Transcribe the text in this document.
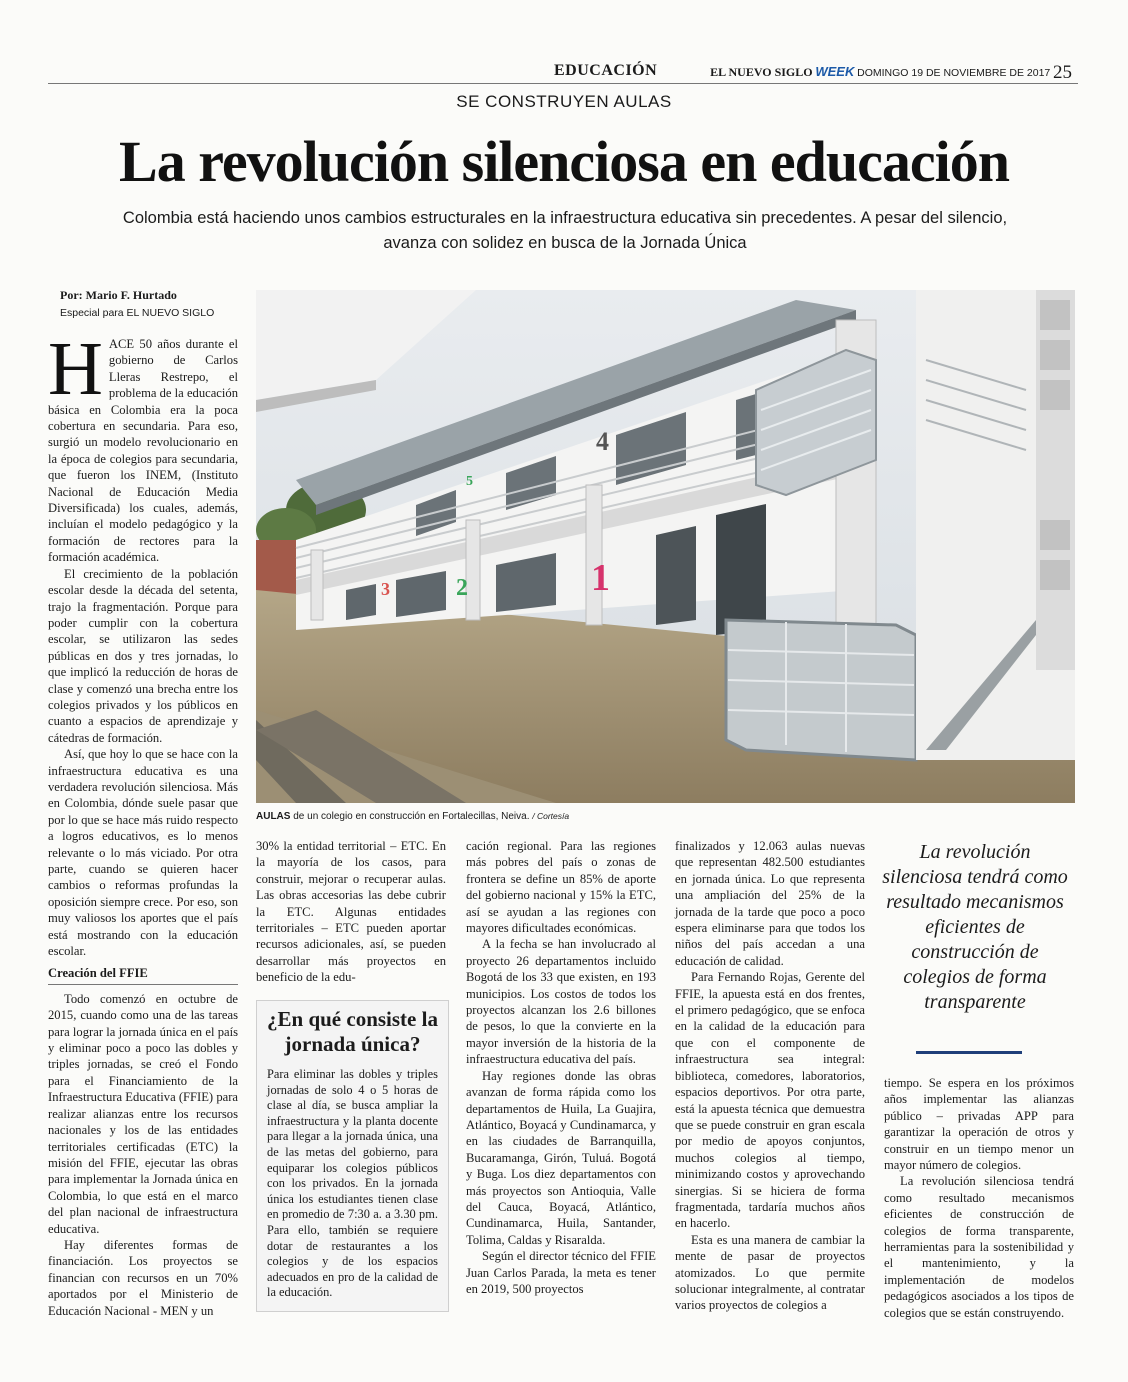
EDUCACIÓN	EL NUEVO SIGLO WEEK DOMINGO 19 DE NOVIEMBRE DE 2017 25
SE CONSTRUYEN AULAS
La revolución silenciosa en educación
Colombia está haciendo unos cambios estructurales en la infraestructura educativa sin precedentes. A pesar del silencio,
avanza con solidez en busca de la Jornada Única
Por: Mario F. Hurtado
Especial para EL NUEVO SIGLO
1
2
3
4
5
AULAS de un colegio en construcción en Fortalecillas, Neiva. / Cortesía

HACE 50 años durante el gobierno de Carlos Lleras Restrepo, el problema de la educación básica en Colombia era la poca cobertura en secundaria. Para eso, surgió un modelo revolucionario en la época de colegios para secundaria, que fueron los INEM, (Instituto Nacional de Educación Media Diversificada) los cuales, además, incluían el modelo pedagógico y la formación de rectores para la formación académica.

El crecimiento de la población escolar desde la década del setenta, trajo la fragmentación. Porque para poder cumplir con la cobertura escolar, se utilizaron las sedes públicas en dos y tres jornadas, lo que implicó la reducción de horas de clase y comenzó una brecha entre los colegios privados y los públicos en cuanto a espacios de aprendizaje y cátedras de formación.

Así, que hoy lo que se hace con la infraestructura educativa es una verdadera revolución silenciosa. Más en Colombia, dónde suele pasar que por lo que se hace más ruido respecto a logros educativos, es lo menos relevante o lo más viciado. Por otra parte, cuando se quieren hacer cambios o reformas profundas la oposición siempre crece. Por eso, son muy valiosos los aportes que el país está mostrando con la educación escolar.

Creación del FFIE

Todo comenzó en octubre de 2015, cuando como una de las tareas para lograr la jornada única en el país y eliminar poco a poco las dobles y triples jornadas, se creó el Fondo para el Financiamiento de la Infraestructura Educativa (FFIE) para realizar alianzas entre los recursos nacionales y los de las entidades territoriales certificadas (ETC) la misión del FFIE, ejecutar las obras para implementar la Jornada única en Colombia, lo que está en el marco del plan nacional de infraestructura educativa.

Hay diferentes formas de financiación. Los proyectos se financian con recursos en un 70% aportados por el Ministerio de Educación Nacional - MEN y un

30% la entidad territorial – ETC. En la mayoría de los casos, para construir, mejorar o recuperar aulas. Las obras accesorias las debe cubrir la ETC. Algunas entidades territoriales – ETC pueden aportar recursos adicionales, así, se pueden desarrollar más proyectos en beneficio de la edu-

¿En qué consiste la jornada única?
Para eliminar las dobles y triples jornadas de solo 4 o 5 horas de clase al día, se busca ampliar la infraestructura y la planta docente para llegar a la jornada única, una de las metas del gobierno, para equiparar los colegios públicos con los privados. En la jornada única los estudiantes tienen clase en promedio de 7:30 a. a 3.30 pm. Para ello, también se requiere dotar de restaurantes a los colegios y de los espacios adecuados en pro de la calidad de la educación.

cación regional. Para las regiones más pobres del país o zonas de frontera se define un 85% de aporte del gobierno nacional y 15% la ETC, así se ayudan a las regiones con mayores dificultades económicas.

A la fecha se han involucrado al proyecto 26 departamentos incluido Bogotá de los 33 que existen, en 193 municipios. Los costos de todos los proyectos alcanzan los 2.6 billones de pesos, lo que la convierte en la mayor inversión de la historia de la infraestructura educativa del país.

Hay regiones donde las obras avanzan de forma rápida como los departamentos de Huila, La Guajira, Atlántico, Boyacá y Cundinamarca, y en las ciudades de Barranquilla, Bucaramanga, Girón, Tuluá. Bogotá y Buga. Los diez departamentos con más proyectos son Antioquia, Valle del Cauca, Boyacá, Atlántico, Cundinamarca, Huila, Santander, Tolima, Caldas y Risaralda.

Según el director técnico del FFIE Juan Carlos Parada, la meta es tener en 2019, 500 proyectos

finalizados y 12.063 aulas nuevas que representan 482.500 estudiantes en jornada única. Lo que representa una ampliación del 25% de la jornada de la tarde que poco a poco espera eliminarse para que todos los niños del país accedan a una educación de calidad.

Para Fernando Rojas, Gerente del FFIE, la apuesta está en dos frentes, el primero pedagógico, que se enfoca en la calidad de la educación para que con el componente de infraestructura sea integral: biblioteca, comedores, laboratorios, espacios deportivos. Por otra parte, está la apuesta técnica que demuestra que se puede construir en gran escala por medio de apoyos conjuntos, muchos colegios al tiempo, minimizando costos y aprovechando sinergias. Si se hiciera de forma fragmentada, tardaría muchos años en hacerlo.

Esta es una manera de cambiar la mente de pasar de proyectos atomizados. Lo que permite solucionar integralmente, al contratar varios proyectos de colegios a

La revolución silenciosa tendrá como resultado mecanismos eficientes de construcción de colegios de forma transparente

tiempo. Se espera en los próximos años implementar las alianzas público – privadas APP para garantizar la operación de otros y construir en un tiempo menor un mayor número de colegios.

La revolución silenciosa tendrá como resultado mecanismos eficientes de construcción de colegios de forma transparente, herramientas para la sostenibilidad y el mantenimiento, y la implementación de modelos pedagógicos asociados a los tipos de colegios que se están construyendo.
